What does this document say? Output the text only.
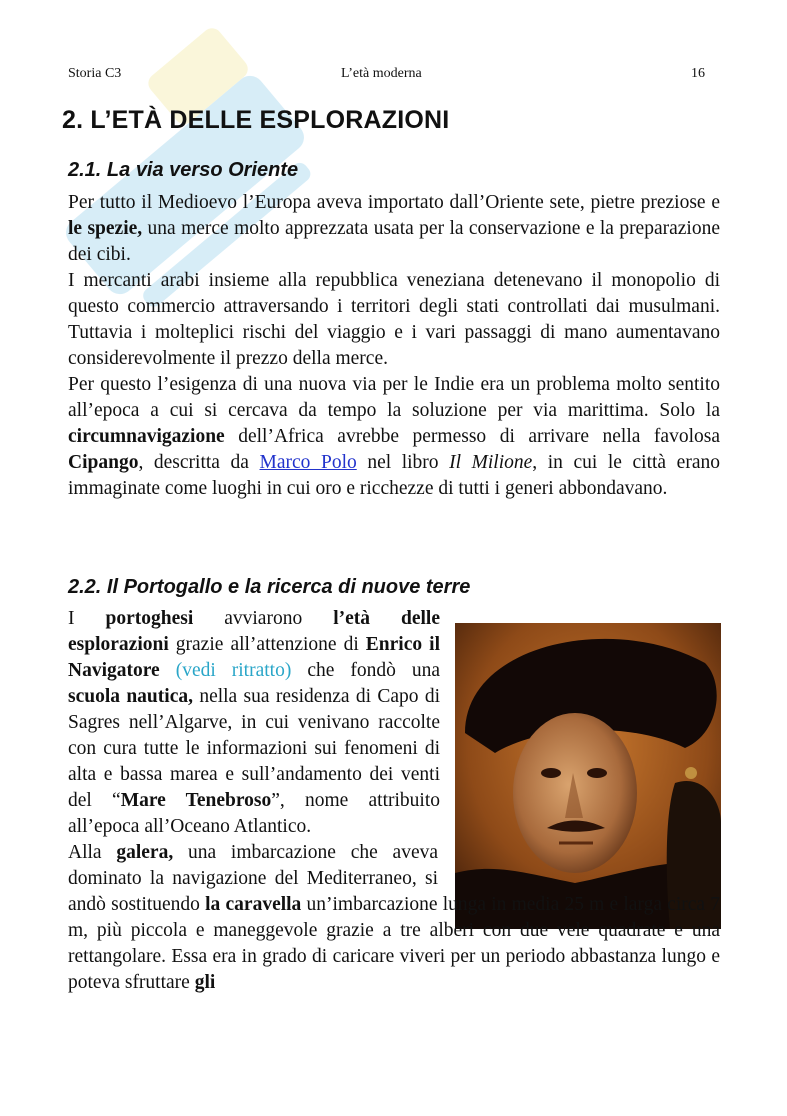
Storia C3	L’età moderna	16
2. L’ETÀ DELLE ESPLORAZIONI
2.1. La via verso Oriente

Per tutto il Medioevo l’Europa aveva importato dall’Oriente sete, pietre preziose e le spezie, una merce molto apprezzata usata per la conservazione e la preparazione dei cibi.

I mercanti arabi insieme alla repubblica veneziana detenevano il monopolio di questo commercio attraversando i territori degli stati controllati dai musulmani. Tuttavia i molteplici rischi del viaggio e i vari passaggi di mano aumentavano considerevolmente il prezzo della merce.

Per questo l’esigenza di una nuova via per le Indie era un problema molto sentito all’epoca a cui si cercava da tempo la soluzione per via marittima. Solo la circumnavigazione dell’Africa avrebbe permesso di arrivare nella favolosa Cipango, descritta da Marco Polo nel libro Il Milione, in cui le città erano immaginate come luoghi in cui oro e ricchezze di tutti i generi abbondavano.

2.2. Il Portogallo e la ricerca di nuove terre

I portoghesi avviarono l’età delle esplorazioni grazie all’attenzione di Enrico il Navigatore (vedi ritratto) che fondò una scuola nautica, nella sua residenza di Capo di Sagres nell’Algarve, in cui venivano raccolte con cura tutte le informazioni sui fenomeni di alta e bassa marea e sull’andamento dei venti del “Mare Tenebroso”, nome attribuito all’epoca all’Oceano Atlantico.

Alla galera, una imbarcazione che aveva dominato la navigazione del Mediterraneo, si andò sostituendo la caravella un’imbarcazione lunga in media 25 m e larga circa 7 m, più piccola e maneggevole grazie a tre alberi con due vele quadrate e una rettangolare. Essa era in grado di caricare viveri per un periodo abbastanza lungo e poteva sfruttare gli
